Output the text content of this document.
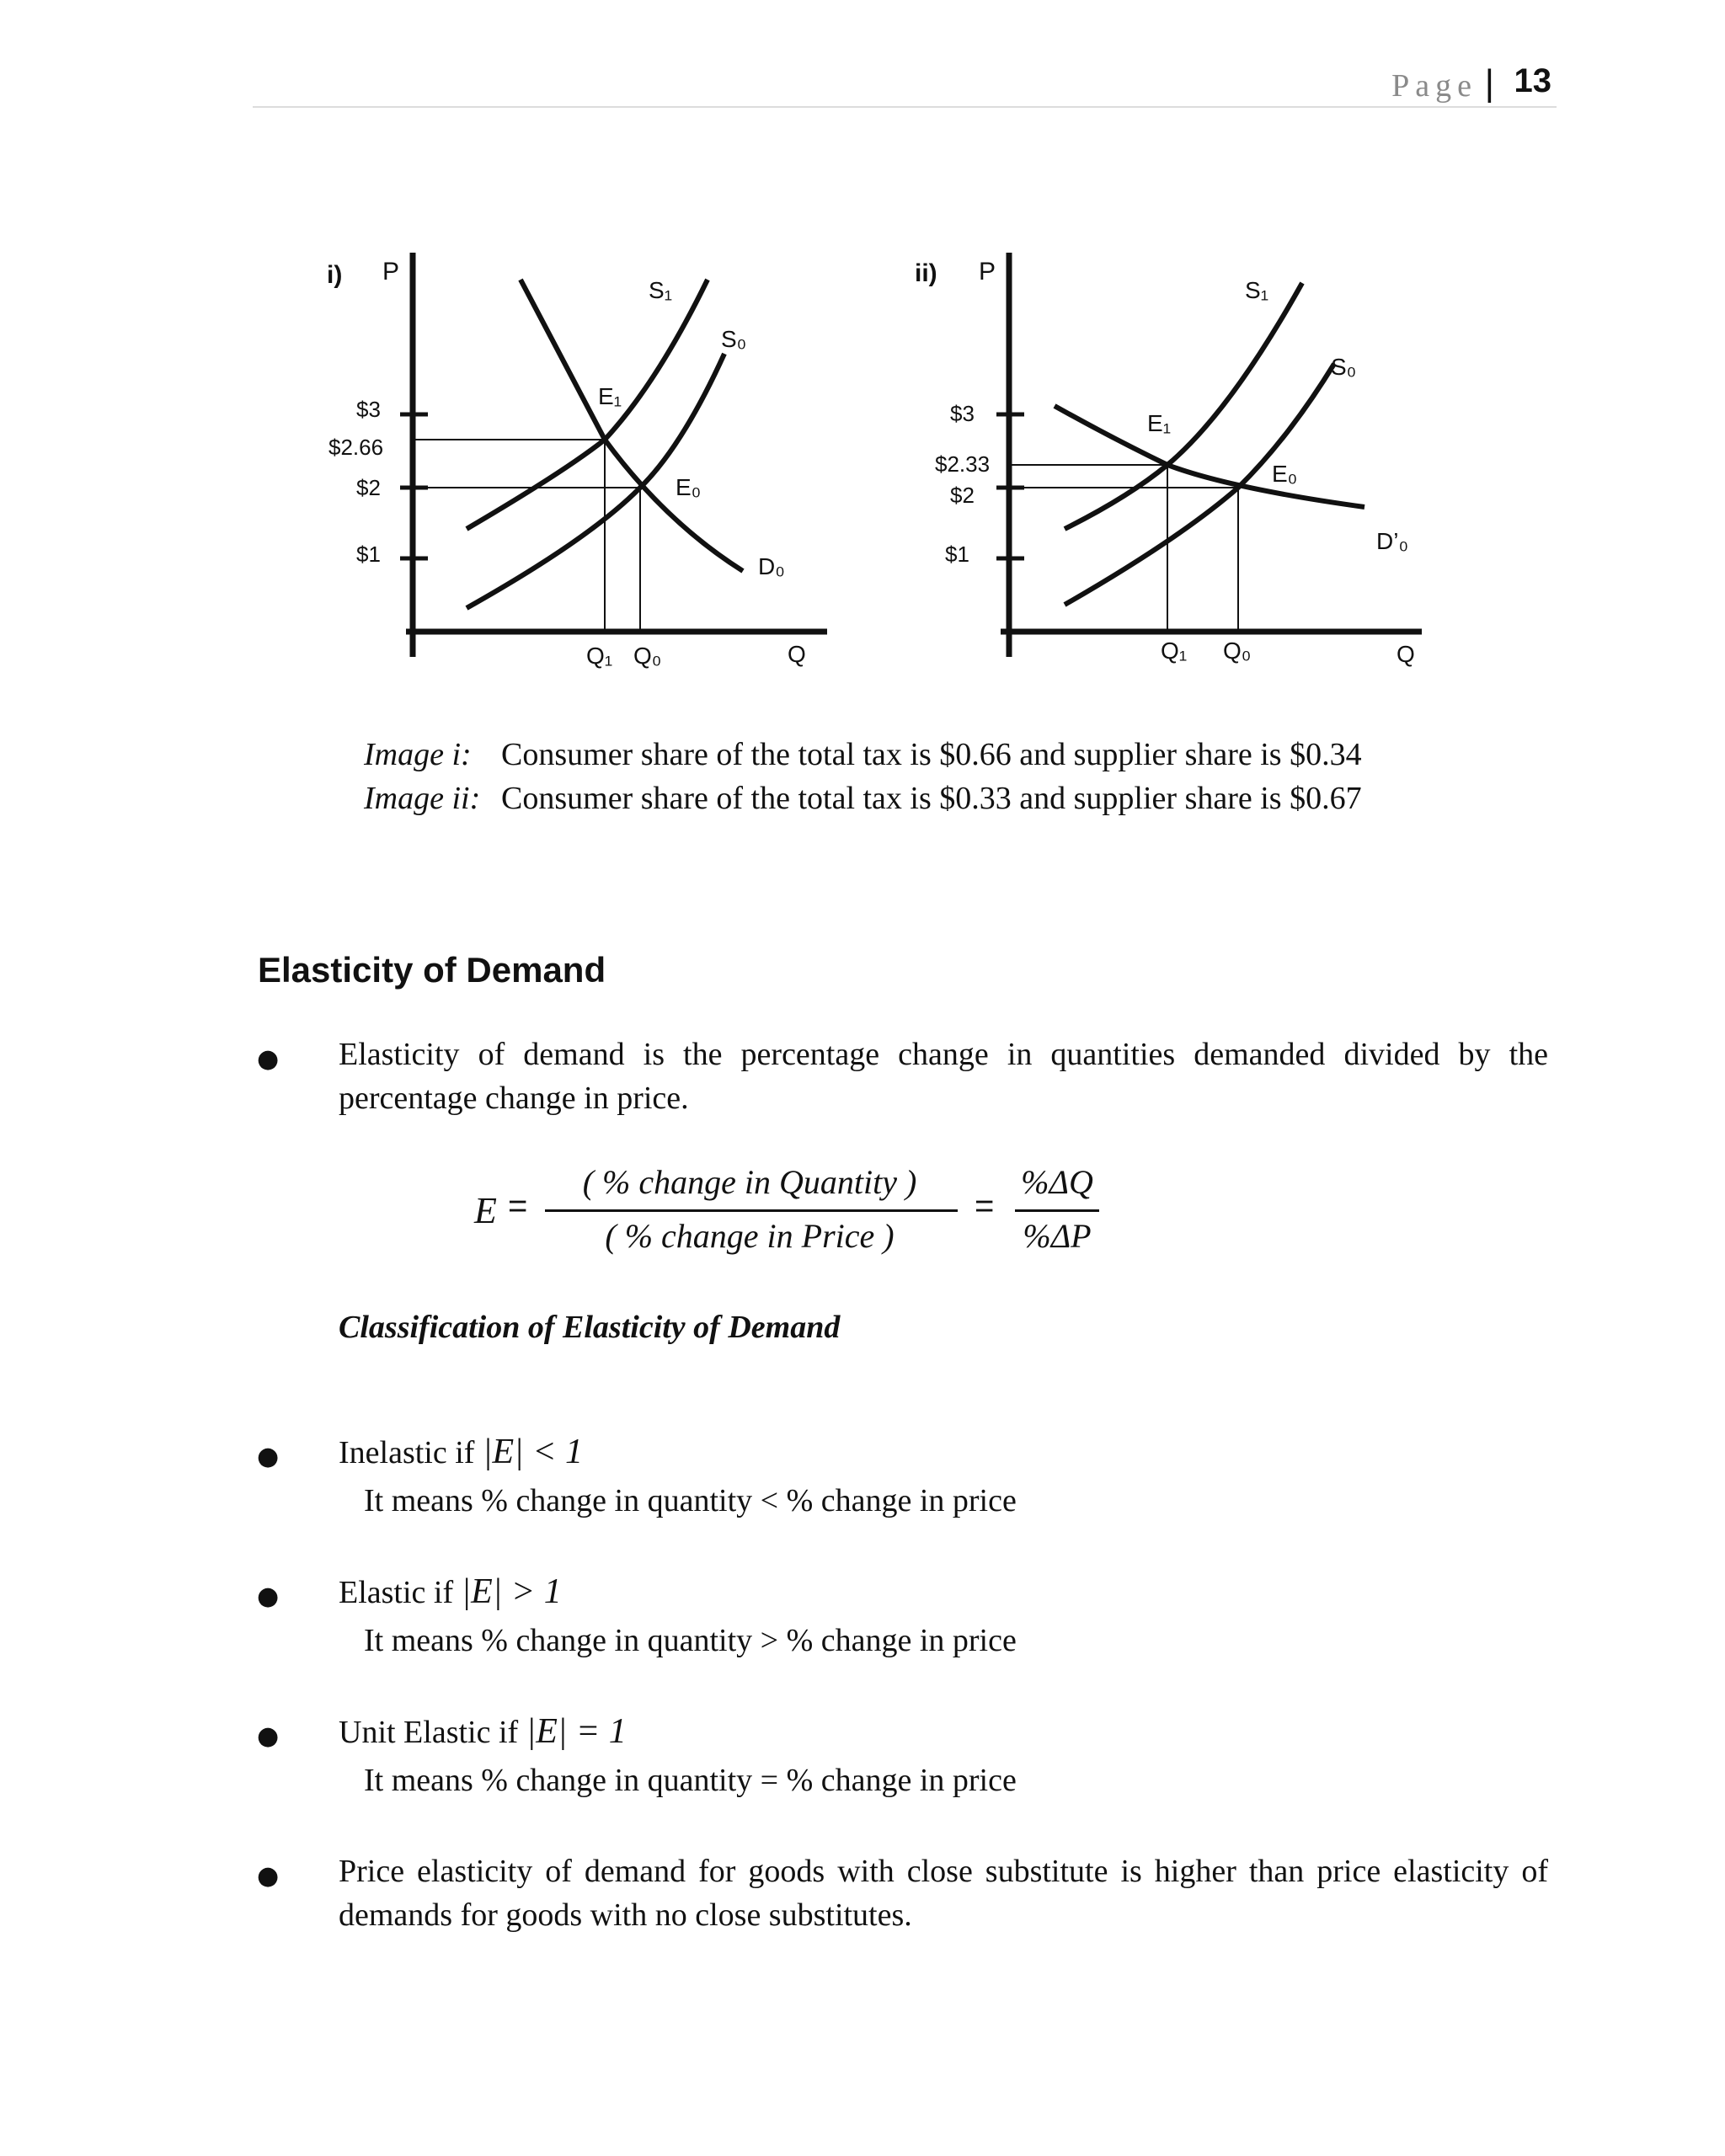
Page | 13
i) P
S₁
S₀
E₁
E₀
D₀
$3
$2.66
$2
$1
Q₁ Q₀	Q
ii) P
S₁
S₀
E₁
E₀
D’₀
$3
$2.33
$2
$1
Q₁ Q₀	Q
Image i: Consumer share of the total tax is $0.66 and supplier share is $0.34
Image ii: Consumer share of the total tax is $0.33 and supplier share is $0.67
Elasticity of Demand
● Elasticity of demand is the percentage change in quantities demanded divided by the percentage change in price.
E =
( % change in Quantity )
( % change in Price )
=
%ΔQ
%ΔP
Classification of Elasticity of Demand
● Inelastic if |E| < 1
It means % change in quantity < % change in price
● Elastic if |E| > 1
It means % change in quantity > % change in price
● Unit Elastic if |E| = 1
It means % change in quantity = % change in price
● Price elasticity of demand for goods with close substitute is higher than price elasticity of demands for goods with no close substitutes.
